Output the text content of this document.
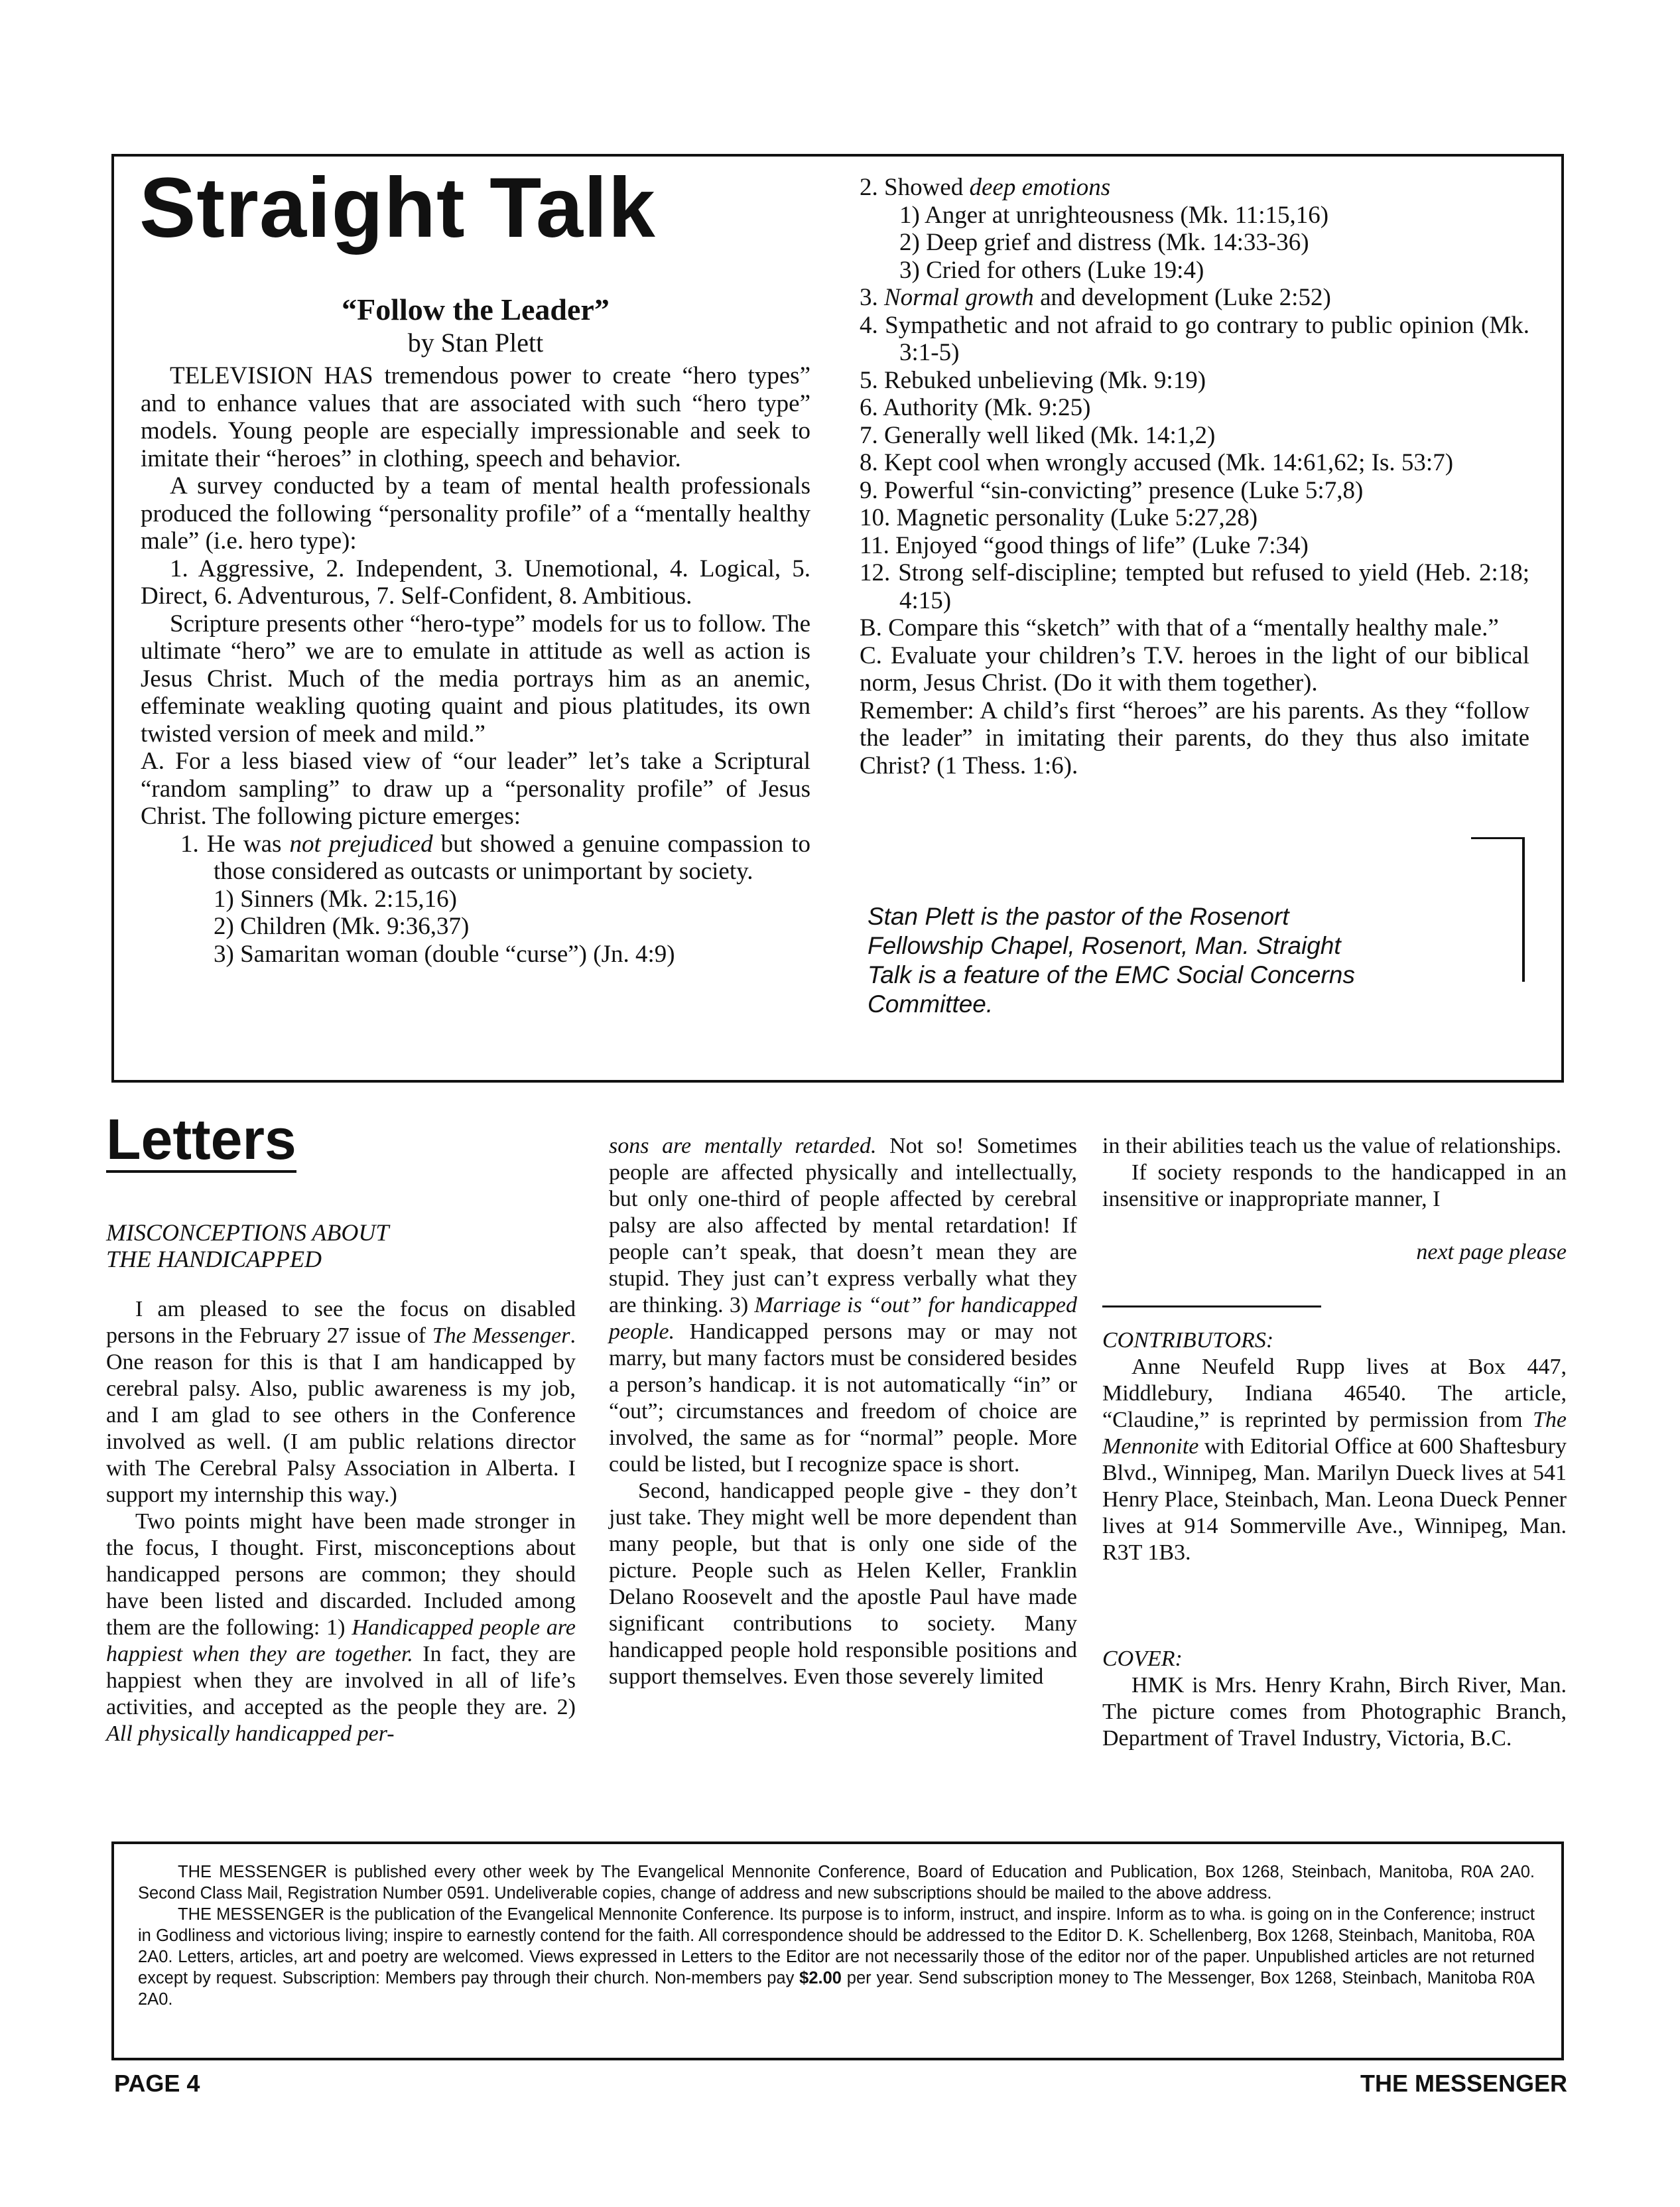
Straight Talk

“Follow the Leader”

by Stan Plett

TELEVISION HAS tremendous power to create “hero types” and to enhance values that are associated with such “hero type” models. Young people are especially impressionable and seek to imitate their “heroes” in clothing, speech and behavior.

A survey conducted by a team of mental health professionals produced the following “personality profile” of a “mentally healthy male” (i.e. hero type):

1. Aggressive, 2. Independent, 3. Unemotional, 4. Logical, 5. Direct, 6. Adventurous, 7. Self-Confident, 8. Ambitious.

Scripture presents other “hero-type” models for us to follow. The ultimate “hero” we are to emulate in attitude as well as action is Jesus Christ. Much of the media portrays him as an anemic, effeminate weakling quoting quaint and pious platitudes, its own twisted version of meek and mild.”

A. For a less biased view of “our leader” let’s take a Scriptural “random sampling” to draw up a “personality profile” of Jesus Christ. The following picture emerges:

1. He was not prejudiced but showed a genuine compassion to those considered as outcasts or unimportant by society.

1) Sinners (Mk. 2:15,16)

2) Children (Mk. 9:36,37)

3) Samaritan woman (double “curse”) (Jn. 4:9)

2. Showed deep emotions

1) Anger at unrighteousness (Mk. 11:15,16)

2) Deep grief and distress (Mk. 14:33-36)

3) Cried for others (Luke 19:4)

3. Normal growth and development (Luke 2:52)

4. Sympathetic and not afraid to go contrary to public opinion (Mk. 3:1-5)

5. Rebuked unbelieving (Mk. 9:19)

6. Authority (Mk. 9:25)

7. Generally well liked (Mk. 14:1,2)

8. Kept cool when wrongly accused (Mk. 14:61,62; Is. 53:7)

9. Powerful “sin-convicting” presence (Luke 5:7,8)

10. Magnetic personality (Luke 5:27,28)

11. Enjoyed “good things of life” (Luke 7:34)

12. Strong self-discipline; tempted but refused to yield (Heb. 2:18; 4:15)

B. Compare this “sketch” with that of a “mentally healthy male.”

C. Evaluate your children’s T.V. heroes in the light of our biblical norm, Jesus Christ. (Do it with them together).

Remember: A child’s first “heroes” are his parents. As they “follow the leader” in imitating their parents, do they thus also imitate Christ? (1 Thess. 1:6).

Stan Plett is the pastor of the Rosenort Fellowship Chapel, Rosenort, Man. Straight Talk is a feature of the EMC Social Concerns Committee.

Letters

MISCONCEPTIONS ABOUT
THE HANDICAPPED

I am pleased to see the focus on disabled persons in the February 27 issue of The Messenger. One reason for this is that I am handicapped by cerebral palsy. Also, public awareness is my job, and I am glad to see others in the Conference involved as well. (I am public relations director with The Cerebral Palsy Association in Alberta. I support my internship this way.)

Two points might have been made stronger in the focus, I thought. First, misconceptions about handicapped persons are common; they should have been listed and discarded. Included among them are the following: 1) Handicapped people are happiest when they are together. In fact, they are happiest when they are involved in all of life’s activities, and accepted as the people they are. 2) All physically handicapped per-

sons are mentally retarded. Not so! Sometimes people are affected physically and intellectually, but only one-third of people affected by cerebral palsy are also affected by mental retardation! If people can’t speak, that doesn’t mean they are stupid. They just can’t express verbally what they are thinking. 3) Marriage is “out” for handicapped people. Handicapped persons may or may not marry, but many factors must be considered besides a person’s handicap. it is not automatically “in” or “out”; circumstances and freedom of choice are involved, the same as for “normal” people. More could be listed, but I recognize space is short.

Second, handicapped people give - they don’t just take. They might well be more dependent than many people, but that is only one side of the picture. People such as Helen Keller, Franklin Delano Roosevelt and the apostle Paul have made significant contributions to society. Many handicapped people hold responsible positions and support themselves. Even those severely limited

in their abilities teach us the value of relationships.

If society responds to the handicapped in an insensitive or inappropriate manner, I

next page please

CONTRIBUTORS:

Anne Neufeld Rupp lives at Box 447, Middlebury, Indiana 46540. The article, “Claudine,” is reprinted by permission from The Mennonite with Editorial Office at 600 Shaftesbury Blvd., Winnipeg, Man. Marilyn Dueck lives at 541 Henry Place, Steinbach, Man. Leona Dueck Penner lives at 914 Sommerville Ave., Winnipeg, Man. R3T 1B3.

COVER:

HMK is Mrs. Henry Krahn, Birch River, Man. The picture comes from Photographic Branch, Department of Travel Industry, Victoria, B.C.

THE MESSENGER is published every other week by The Evangelical Mennonite Conference, Board of Education and Publication, Box 1268, Steinbach, Manitoba, R0A 2A0. Second Class Mail, Registration Number 0591. Undeliverable copies, change of address and new subscriptions should be mailed to the above address.

THE MESSENGER is the publication of the Evangelical Mennonite Conference. Its purpose is to inform, instruct, and inspire. Inform as to wha. is going on in the Conference; instruct in Godliness and victorious living; inspire to earnestly contend for the faith. All correspondence should be addressed to the Editor D. K. Schellenberg, Box 1268, Steinbach, Manitoba, R0A 2A0. Letters, articles, art and poetry are welcomed. Views expressed in Letters to the Editor are not necessarily those of the editor nor of the paper. Unpublished articles are not returned except by request. Subscription: Members pay through their church. Non-members pay $2.00 per year. Send subscription money to The Messenger, Box 1268, Steinbach, Manitoba R0A 2A0.

PAGE 4	THE MESSENGER
